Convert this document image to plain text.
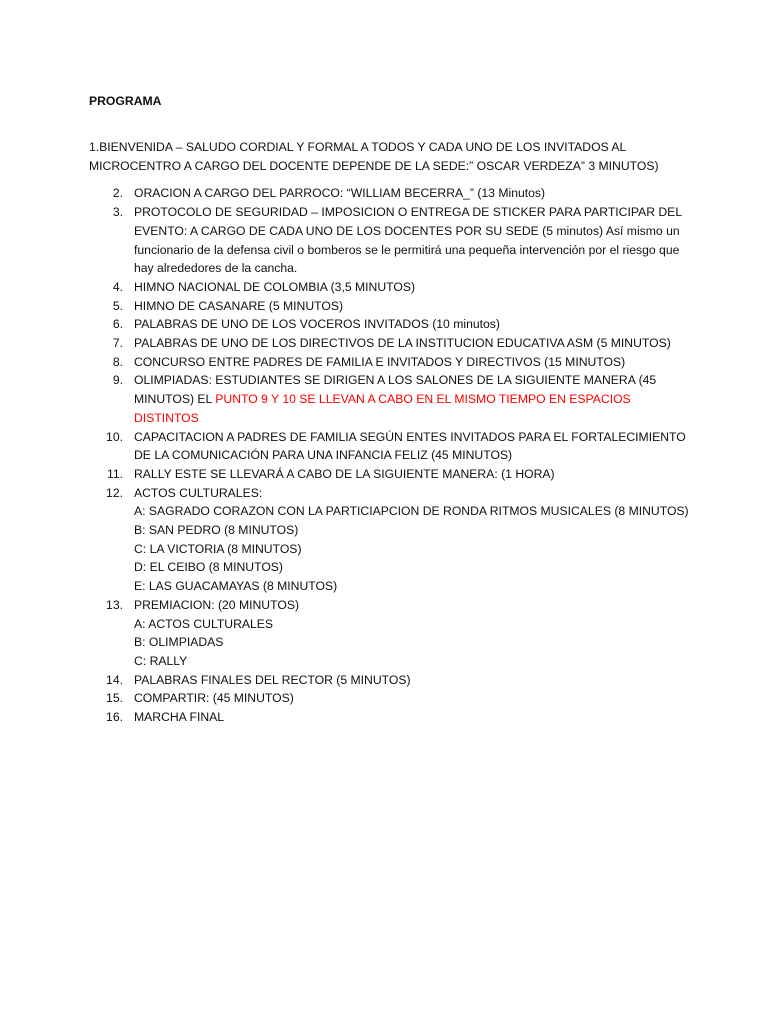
PROGRAMA

1.BIENVENIDA – SALUDO CORDIAL Y FORMAL A TODOS Y CADA UNO DE LOS INVITADOS AL MICROCENTRO A CARGO DEL DOCENTE DEPENDE DE LA SEDE:” OSCAR VERDEZA” 3 MINUTOS)

2. ORACION A CARGO DEL PARROCO: “WILLIAM BECERRA_” (13 Minutos)
3. PROTOCOLO DE SEGURIDAD – IMPOSICION O ENTREGA DE STICKER PARA PARTICIPAR DEL EVENTO: A CARGO DE CADA UNO DE LOS DOCENTES POR SU SEDE (5 minutos) Así mismo un funcionario de la defensa civil o bomberos se le permitirá una pequeña intervención por el riesgo que hay alrededores de la cancha.
4. HIMNO NACIONAL DE COLOMBIA (3,5 MINUTOS)
5. HIMNO DE CASANARE (5 MINUTOS)
6. PALABRAS DE UNO DE LOS VOCEROS INVITADOS (10 minutos)
7. PALABRAS DE UNO DE LOS DIRECTIVOS DE LA INSTITUCION EDUCATIVA ASM (5 MINUTOS)
8. CONCURSO ENTRE PADRES DE FAMILIA E INVITADOS Y DIRECTIVOS (15 MINUTOS)
9. OLIMPIADAS: ESTUDIANTES SE DIRIGEN A LOS SALONES DE LA SIGUIENTE MANERA (45 MINUTOS) EL PUNTO 9 Y 10 SE LLEVAN A CABO EN EL MISMO TIEMPO EN ESPACIOS DISTINTOS
10. CAPACITACION A PADRES DE FAMILIA SEGÚN ENTES INVITADOS PARA EL FORTALECIMIENTO DE LA COMUNICACIÓN PARA UNA INFANCIA FELIZ (45 MINUTOS)
11. RALLY ESTE SE LLEVARÁ A CABO DE LA SIGUIENTE MANERA: (1 HORA)
12. ACTOS CULTURALES:
A: SAGRADO CORAZON CON LA PARTICIAPCION DE RONDA RITMOS MUSICALES (8 MINUTOS)
B: SAN PEDRO (8 MINUTOS)
C: LA VICTORIA (8 MINUTOS)
D: EL CEIBO (8 MINUTOS)
E: LAS GUACAMAYAS (8 MINUTOS)
13. PREMIACION: (20 MINUTOS)
A: ACTOS CULTURALES
B: OLIMPIADAS
C: RALLY
14. PALABRAS FINALES DEL RECTOR (5 MINUTOS)
15. COMPARTIR: (45 MINUTOS)
16. MARCHA FINAL
